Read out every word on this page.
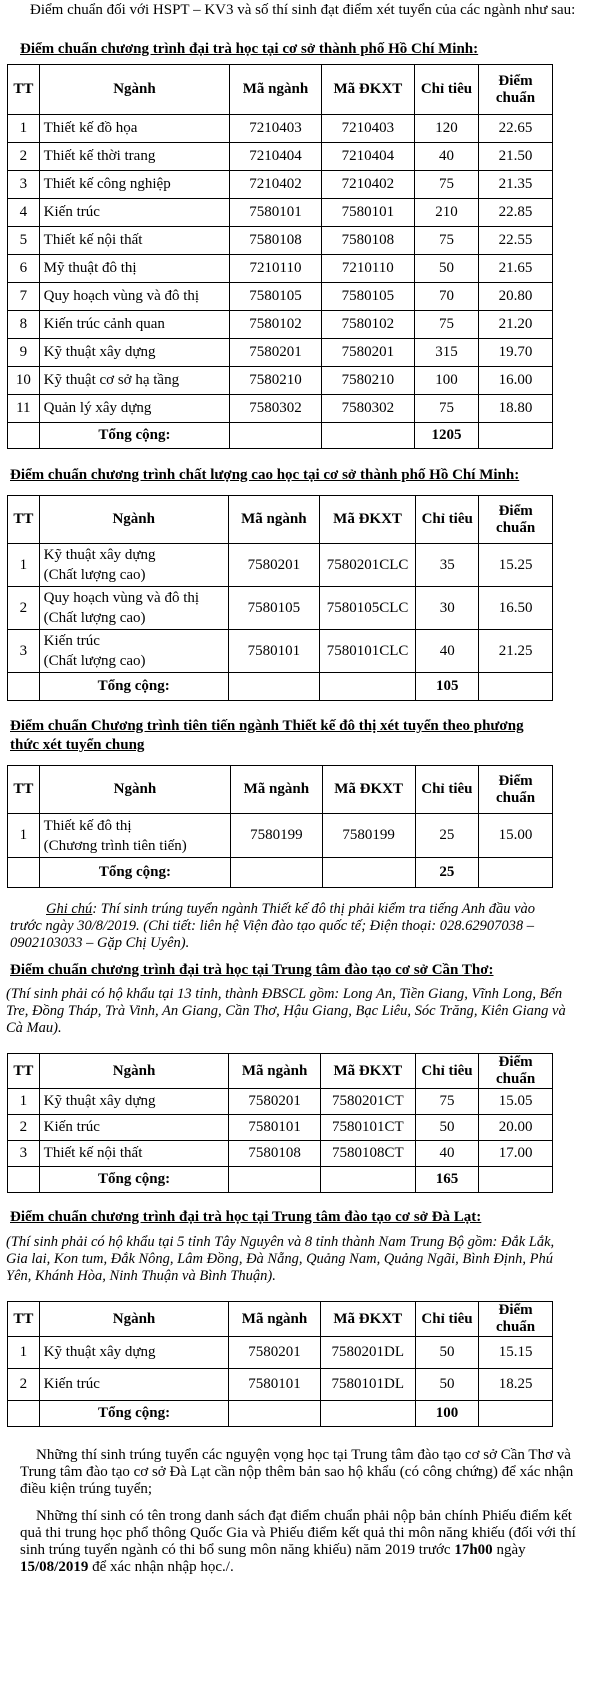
Điểm chuẩn đối với HSPT – KV3 và số thí sinh đạt điểm xét tuyển của các ngành như sau:
Điểm chuẩn chương trình đại trà học tại cơ sở thành phố Hồ Chí Minh:
TT	Ngành	Mã ngành	Mã ĐKXT	Chỉ tiêu	Điểm chuẩn
1	Thiết kế đồ họa	7210403	7210403	120	22.65
2	Thiết kế thời trang	7210404	7210404	40	21.50
3	Thiết kế công nghiệp	7210402	7210402	75	21.35
4	Kiến trúc	7580101	7580101	210	22.85
5	Thiết kế nội thất	7580108	7580108	75	22.55
6	Mỹ thuật đô thị	7210110	7210110	50	21.65
7	Quy hoạch vùng và đô thị	7580105	7580105	70	20.80
8	Kiến trúc cảnh quan	7580102	7580102	75	21.20
9	Kỹ thuật xây dựng	7580201	7580201	315	19.70
10	Kỹ thuật cơ sở hạ tầng	7580210	7580210	100	16.00
11	Quản lý xây dựng	7580302	7580302	75	18.80
	Tổng cộng:			1205	
Điểm chuẩn chương trình chất lượng cao học tại cơ sở thành phố Hồ Chí Minh:
TT	Ngành	Mã ngành	Mã ĐKXT	Chỉ tiêu	Điểm chuẩn
1	Kỹ thuật xây dựng
(Chất lượng cao)	7580201	7580201CLC	35	15.25
2	Quy hoạch vùng và đô thị
(Chất lượng cao)	7580105	7580105CLC	30	16.50
3	Kiến trúc
(Chất lượng cao)	7580101	7580101CLC	40	21.25
	Tổng cộng:			105	
Điểm chuẩn Chương trình tiên tiến ngành Thiết kế đô thị xét tuyển theo phương
thức xét tuyển chung
TT	Ngành	Mã ngành	Mã ĐKXT	Chỉ tiêu	Điểm chuẩn
1	Thiết kế đô thị
(Chương trình tiên tiến)	7580199	7580199	25	15.00
	Tổng cộng:			25	
Ghi chú: Thí sinh trúng tuyển ngành Thiết kế đô thị phải kiểm tra tiếng Anh đầu vào trước ngày 30/8/2019. (Chi tiết: liên hệ Viện đào tạo quốc tế; Điện thoại: 028.62907038 – 0902103033 – Gặp Chị Uyên).
Điểm chuẩn chương trình đại trà học tại Trung tâm đào tạo cơ sở Cần Thơ:
(Thí sinh phải có hộ khẩu tại 13 tỉnh, thành ĐBSCL gồm: Long An, Tiền Giang, Vĩnh Long, Bến Tre, Đồng Tháp, Trà Vinh, An Giang, Cần Thơ, Hậu Giang, Bạc Liêu, Sóc Trăng, Kiên Giang và Cà Mau).
TT	Ngành	Mã ngành	Mã ĐKXT	Chỉ tiêu	Điểm chuẩn
1	Kỹ thuật xây dựng	7580201	7580201CT	75	15.05
2	Kiến trúc	7580101	7580101CT	50	20.00
3	Thiết kế nội thất	7580108	7580108CT	40	17.00
	Tổng cộng:			165	
Điểm chuẩn chương trình đại trà học tại Trung tâm đào tạo cơ sở Đà Lạt:
(Thí sinh phải có hộ khẩu tại 5 tỉnh Tây Nguyên và 8 tỉnh thành Nam Trung Bộ gồm: Đắk Lắk, Gia lai, Kon tum, Đắk Nông, Lâm Đồng, Đà Nẵng, Quảng Nam, Quảng Ngãi, Bình Định, Phú Yên, Khánh Hòa, Ninh Thuận và Bình Thuận).
TT	Ngành	Mã ngành	Mã ĐKXT	Chỉ tiêu	Điểm chuẩn
1	Kỹ thuật xây dựng	7580201	7580201DL	50	15.15
2	Kiến trúc	7580101	7580101DL	50	18.25
	Tổng cộng:			100	
Những thí sinh trúng tuyển các nguyện vọng học tại Trung tâm đào tạo cơ sở Cần Thơ và Trung tâm đào tạo cơ sở Đà Lạt cần nộp thêm bản sao hộ khẩu (có công chứng) để xác nhận điều kiện trúng tuyển;
Những thí sinh có tên trong danh sách đạt điểm chuẩn phải nộp bản chính Phiếu điểm kết quả thi trung học phổ thông Quốc Gia và Phiếu điểm kết quả thi môn năng khiếu (đối với thí sinh trúng tuyển ngành có thi bổ sung môn năng khiếu) năm 2019 trước 17h00 ngày 15/08/2019 để xác nhận nhập học./.
